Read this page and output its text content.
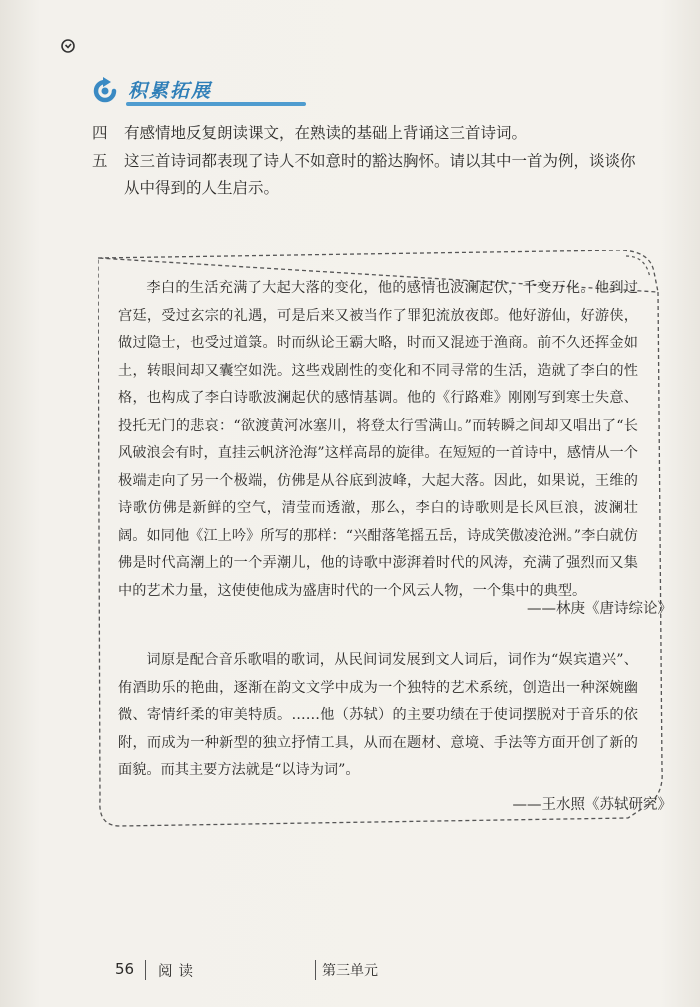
积累拓展
四	有感情地反复朗读课文，在熟读的基础上背诵这三首诗词。
五	这三首诗词都表现了诗人不如意时的豁达胸怀。请以其中一首为例，谈谈你从中得到的人生启示。
李白的生活充满了大起大落的变化，他的感情也波澜起伏，千变万化。他到过宫廷，受过玄宗的礼遇，可是后来又被当作了罪犯流放夜郎。他好游仙，好游侠，做过隐士，也受过道箓。时而纵论王霸大略，时而又混迹于渔商。前不久还挥金如土，转眼间却又囊空如洗。这些戏剧性的变化和不同寻常的生活，造就了李白的性格，也构成了李白诗歌波澜起伏的感情基调。他的《行路难》刚刚写到寒士失意、投托无门的悲哀：“欲渡黄河冰塞川，将登太行雪满山。”而转瞬之间却又唱出了“长风破浪会有时，直挂云帆济沧海”这样高昂的旋律。在短短的一首诗中，感情从一个极端走向了另一个极端，仿佛是从谷底到波峰，大起大落。因此，如果说，王维的诗歌仿佛是新鲜的空气，清莹而透澈，那么，李白的诗歌则是长风巨浪，波澜壮阔。如同他《江上吟》所写的那样：“兴酣落笔摇五岳，诗成笑傲凌沧洲。”李白就仿佛是时代高潮上的一个弄潮儿，他的诗歌中澎湃着时代的风涛，充满了强烈而又集中的艺术力量，这使使他成为盛唐时代的一个风云人物，一个集中的典型。
——林庚《唐诗综论》
词原是配合音乐歌唱的歌词，从民间词发展到文人词后，词作为“娱宾遣兴”、侑酒助乐的艳曲，逐渐在韵文文学中成为一个独特的艺术系统，创造出一种深婉幽微、寄情纤柔的审美特质。……他（苏轼）的主要功绩在于使词摆脱对于音乐的依附，而成为一种新型的独立抒情工具，从而在题材、意境、手法等方面开创了新的面貌。而其主要方法就是“以诗为词”。
——王水照《苏轼研究》
56 阅读	第三单元
